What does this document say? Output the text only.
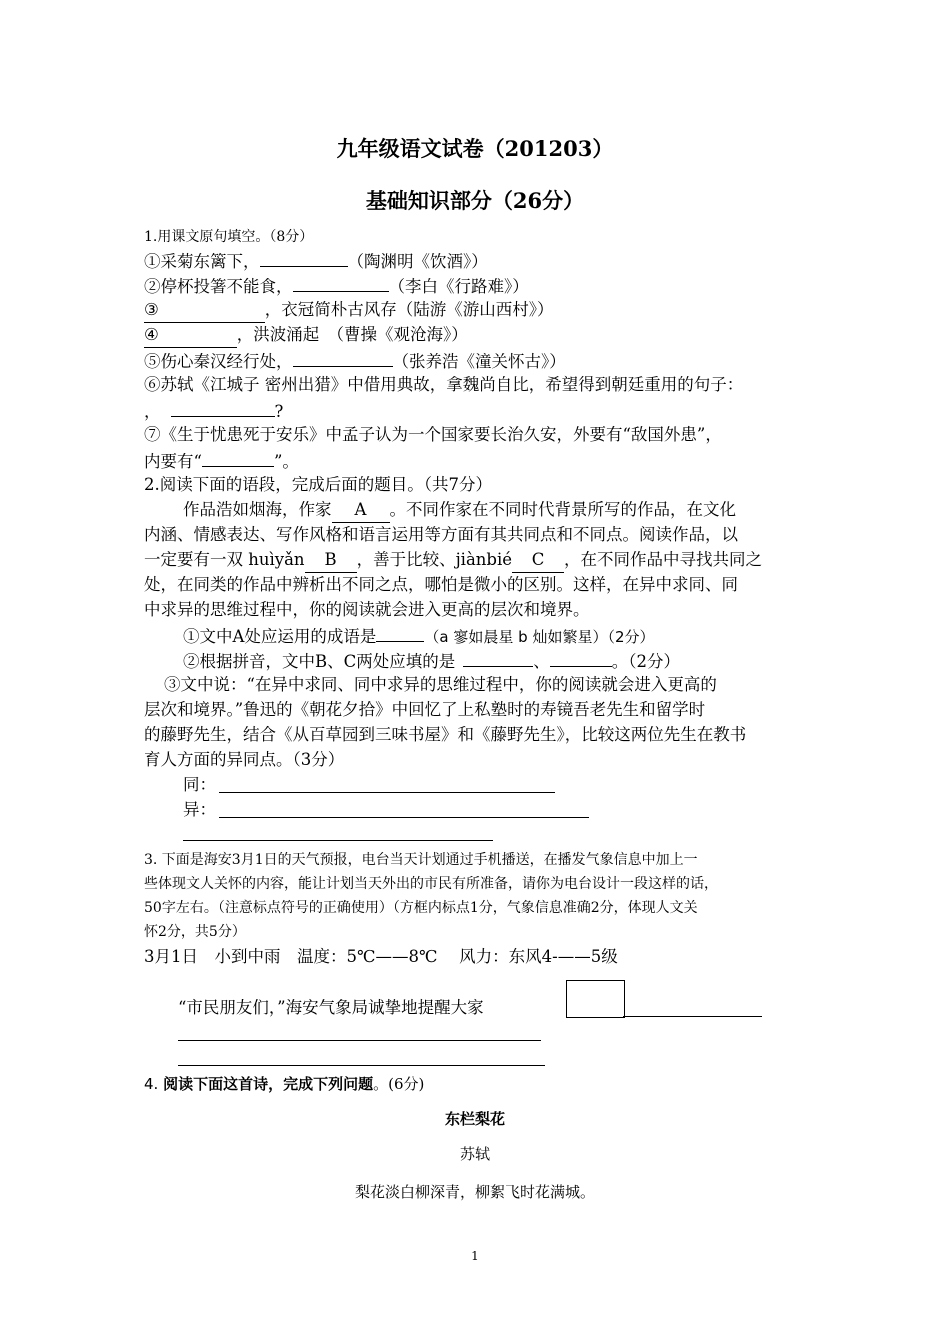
九年级语文试卷（201203）
基础知识部分（26分）
1.用课文原句填空。（8分）
①采菊东篱下，	（陶渊明《饮酒》）
②停杯投箸不能食，	（李白《行路难》）
③	，衣冠简朴古风存（陆游《游山西村》）
④	，洪波涌起　（曹操《观沧海》）
⑤伤心秦汉经行处，	（张养浩《潼关怀古》）
⑥苏轼《江城子 密州出猎》中借用典故，拿魏尚自比，希望得到朝廷重用的句子：
，	?
⑦《生于忧患死于安乐》中孟子认为一个国家要长治久安，外要有“敌国外患”，
内要有“	”。
2.阅读下面的语段，完成后面的题目。（共7分）
作品浩如烟海，作家 A 。不同作家在不同时代背景所写的作品，在文化
内涵、情感表达、写作风格和语言运用等方面有其共同点和不同点。阅读作品，以
一定要有一双 huìyǎn B ，善于比较、jiànbié C ，在不同作品中寻找共同之
处，在同类的作品中辨析出不同之点，哪怕是微小的区别。这样，在异中求同、同
中求异的思维过程中，你的阅读就会进入更高的层次和境界。
①文中A处应运用的成语是	（a 寥如晨星 b 灿如繁星）（2分）
②根据拼音，文中B、C两处应填的是	、	。（2分）
③文中说：“在异中求同、同中求异的思维过程中，你的阅读就会进入更高的
层次和境界。”鲁迅的《朝花夕拾》中回忆了上私塾时的寿镜吾老先生和留学时
的藤野先生，结合《从百草园到三味书屋》和《藤野先生》，比较这两位先生在教书
育人方面的异同点。（3分）
同：
异：
3. 下面是海安3月1日的天气预报，电台当天计划通过手机播送，在播发气象信息中加上一
些体现文人关怀的内容，能让计划当天外出的市民有所准备，请你为电台设计一段这样的话，
50字左右。（注意标点符号的正确使用）（方框内标点1分，气象信息准确2分，体现人文关
怀2分，共5分）
3月1日　小到中雨　温度：5℃——8℃　 风力：东风4-——5级
“市民朋友们，”海安气象局诚挚地提醒大家
4. 阅读下面这首诗，完成下列问题。(6分)
东栏梨花
苏轼
梨花淡白柳深青，柳絮飞时花满城。
1
